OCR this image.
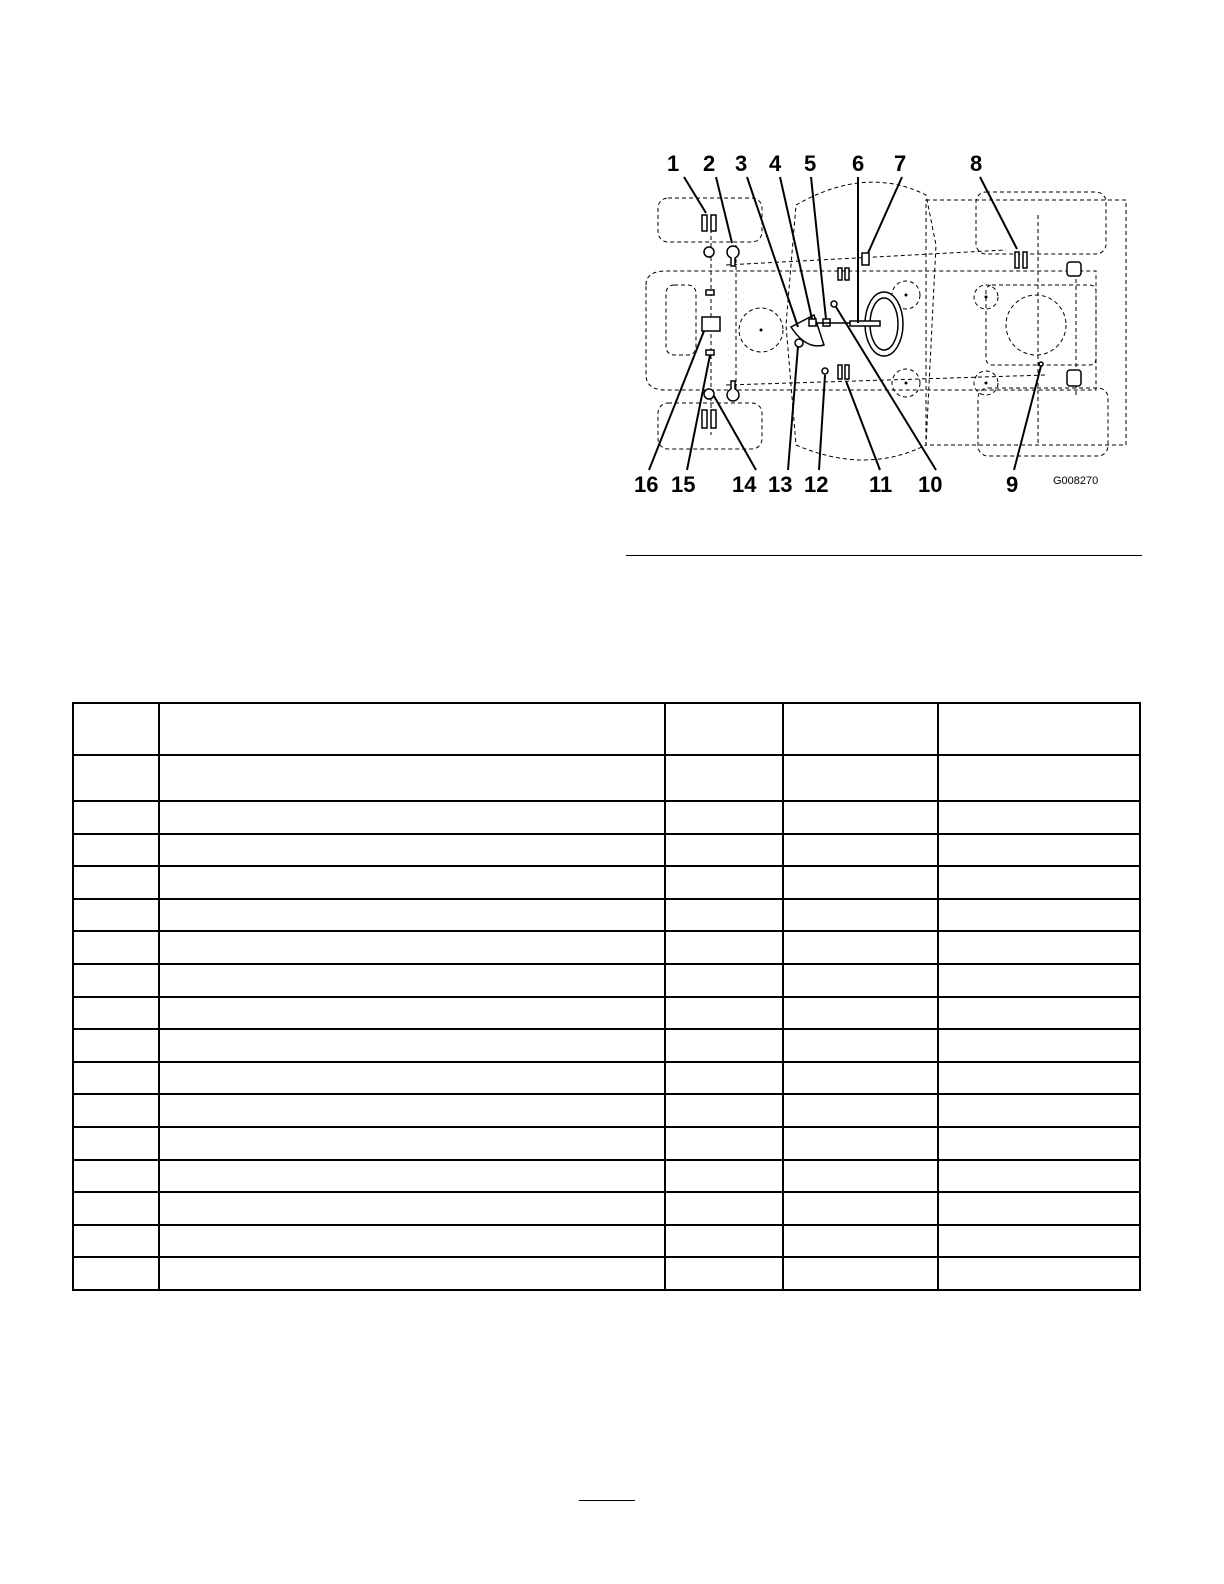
1 2 3 4 5 6 7	8
16 15 14 13 12 11 10	9	G008270
